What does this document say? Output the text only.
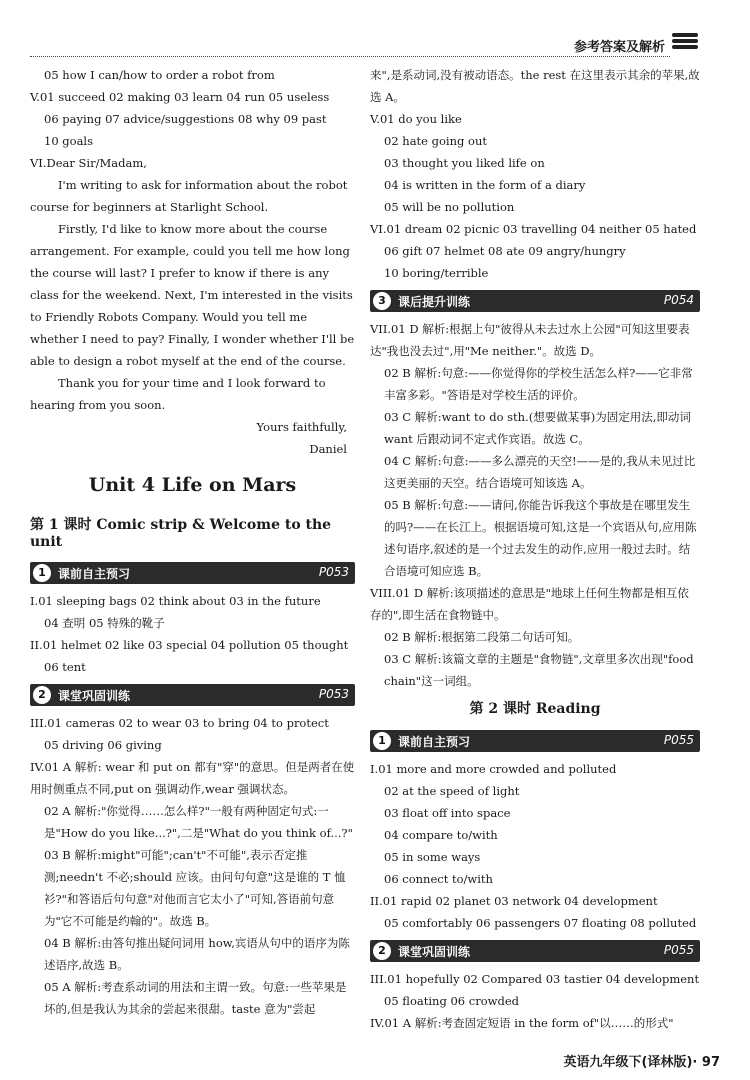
参考答案及解析
05 how I can/how to order a robot from
V.01 succeed 02 making 03 learn 04 run 05 useless
06 paying 07 advice/suggestions 08 why 09 past
10 goals
VI.Dear Sir/Madam,
I'm writing to ask for information about the robot course for beginners at Starlight School.
Firstly, I'd like to know more about the course arrangement. For example, could you tell me how long the course will last? I prefer to know if there is any class for the weekend. Next, I'm interested in the visits to Friendly Robots Company. Would you tell me whether I need to pay? Finally, I wonder whether I'll be able to design a robot myself at the end of the course.
Thank you for your time and I look forward to hearing from you soon.
Yours faithfully,
Daniel
Unit 4 Life on Mars
第 1 课时 Comic strip & Welcome to the unit
1	课前自主预习	P053
I.01 sleeping bags 02 think about 03 in the future
04 查明 05 特殊的靴子
II.01 helmet 02 like 03 special 04 pollution 05 thought
06 tent
2	课堂巩固训练	P053
III.01 cameras 02 to wear 03 to bring 04 to protect
05 driving 06 giving
IV.01 A 解析: wear 和 put on 都有"穿"的意思。但是两者在使用时侧重点不同,put on 强调动作,wear 强调状态。
02 A 解析:"你觉得……怎么样?"一般有两种固定句式:一是"How do you like...?",二是"What do you think of...?"
03 B 解析:might"可能";can't"不可能",表示否定推测;needn't 不必;should 应该。由问句句意"这是谁的 T 恤衫?"和答语后句句意"对他而言它太小了"可知,答语前句意为"它不可能是约翰的"。故选 B。
04 B 解析:由答句推出疑问词用 how,宾语从句中的语序为陈述语序,故选 B。
05 A 解析:考查系动词的用法和主谓一致。句意:一些苹果是坏的,但是我认为其余的尝起来很甜。taste 意为"尝起
来",是系动词,没有被动语态。the rest 在这里表示其余的苹果,故选 A。
V.01 do you like
02 hate going out
03 thought you liked life on
04 is written in the form of a diary
05 will be no pollution
VI.01 dream 02 picnic 03 travelling 04 neither 05 hated
06 gift 07 helmet 08 ate 09 angry/hungry
10 boring/terrible
3	课后提升训练	P054
VII.01 D 解析:根据上句"彼得从未去过水上公园"可知这里要表达"我也没去过",用"Me neither."。故选 D。
02 B 解析:句意:——你觉得你的学校生活怎么样?——它非常丰富多彩。"答语是对学校生活的评价。
03 C 解析:want to do sth.(想要做某事)为固定用法,即动词 want 后跟动词不定式作宾语。故选 C。
04 C 解析:句意:——多么漂亮的天空!——是的,我从未见过比这更美丽的天空。结合语境可知该选 A。
05 B 解析:句意:——请问,你能告诉我这个事故是在哪里发生的吗?——在长江上。根据语境可知,这是一个宾语从句,应用陈述句语序,叙述的是一个过去发生的动作,应用一般过去时。结合语境可知应选 B。
VIII.01 D 解析:该项描述的意思是"地球上任何生物都是相互依存的",即生活在食物链中。
02 B 解析:根据第二段第二句话可知。
03 C 解析:该篇文章的主题是"食物链",文章里多次出现"food chain"这一词组。
第 2 课时 Reading
1	课前自主预习	P055
I.01 more and more crowded and polluted
02 at the speed of light
03 float off into space
04 compare to/with
05 in some ways
06 connect to/with
II.01 rapid 02 planet 03 network 04 development
05 comfortably 06 passengers 07 floating 08 polluted
2	课堂巩固训练	P055
III.01 hopefully 02 Compared 03 tastier 04 development
05 floating 06 crowded
IV.01 A 解析:考查固定短语 in the form of"以……的形式"
英语九年级下(译林版)· 97
